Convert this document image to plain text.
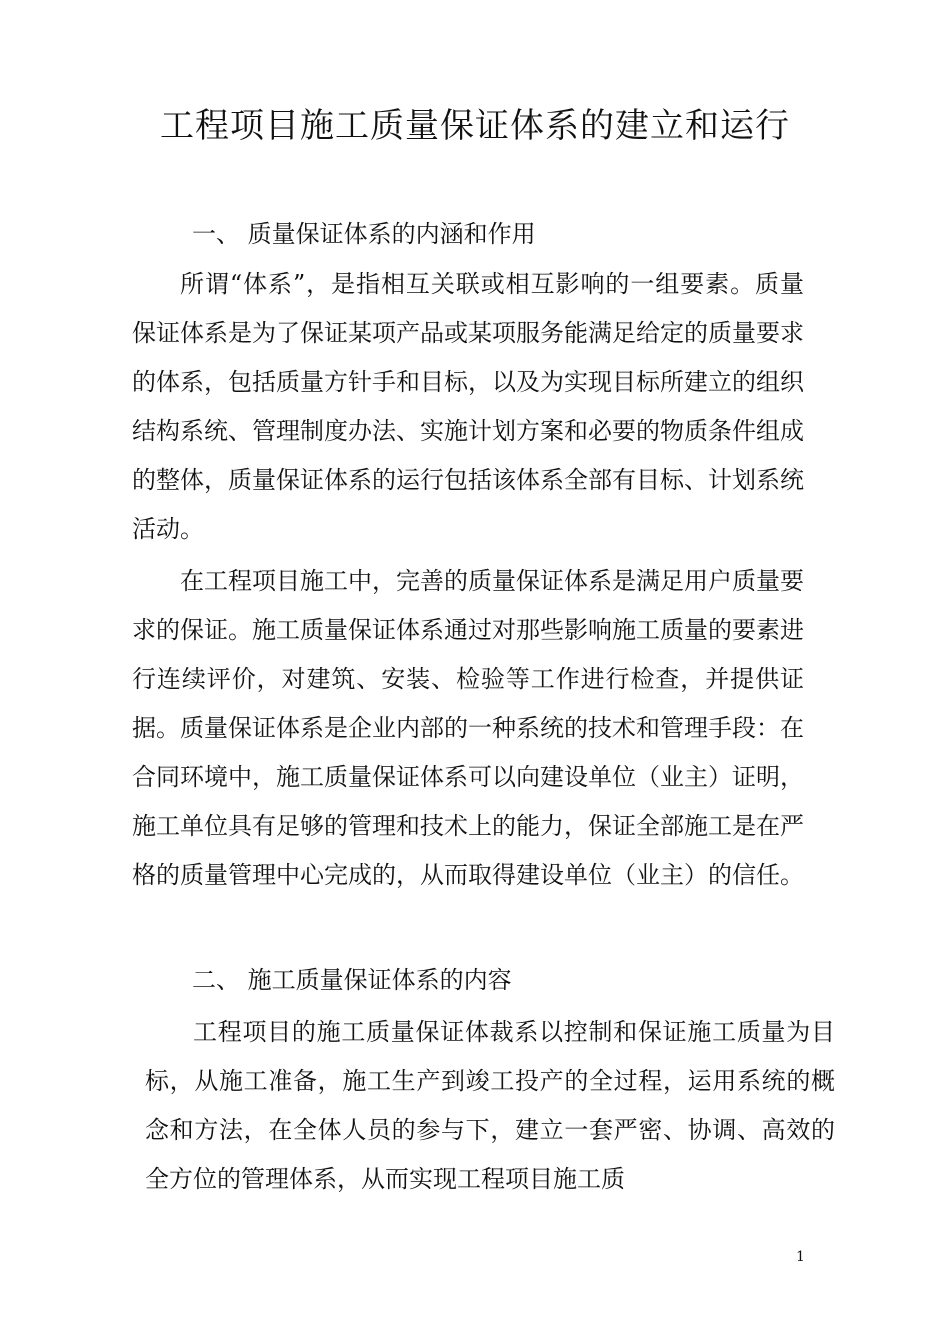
工程项目施工质量保证体系的建立和运行
一、 质量保证体系的内涵和作用

所谓“体系”，是指相互关联或相互影响的一组要素。质量保证体系是为了保证某项产品或某项服务能满足给定的质量要求的体系，包括质量方针手和目标，以及为实现目标所建立的组织结构系统、管理制度办法、实施计划方案和必要的物质条件组成的整体，质量保证体系的运行包括该体系全部有目标、计划系统活动。

在工程项目施工中，完善的质量保证体系是满足用户质量要求的保证。施工质量保证体系通过对那些影响施工质量的要素进行连续评价，对建筑、安装、检验等工作进行检查，并提供证据。质量保证体系是企业内部的一种系统的技术和管理手段：在合同环境中，施工质量保证体系可以向建设单位（业主）证明，施工单位具有足够的管理和技术上的能力，保证全部施工是在严格的质量管理中心完成的，从而取得建设单位（业主）的信任。

二、 施工质量保证体系的内容

工程项目的施工质量保证体裁系以控制和保证施工质量为目标，从施工准备，施工生产到竣工投产的全过程，运用系统的概念和方法，在全体人员的参与下，建立一套严密、协调、高效的全方位的管理体系，从而实现工程项目施工质

1
